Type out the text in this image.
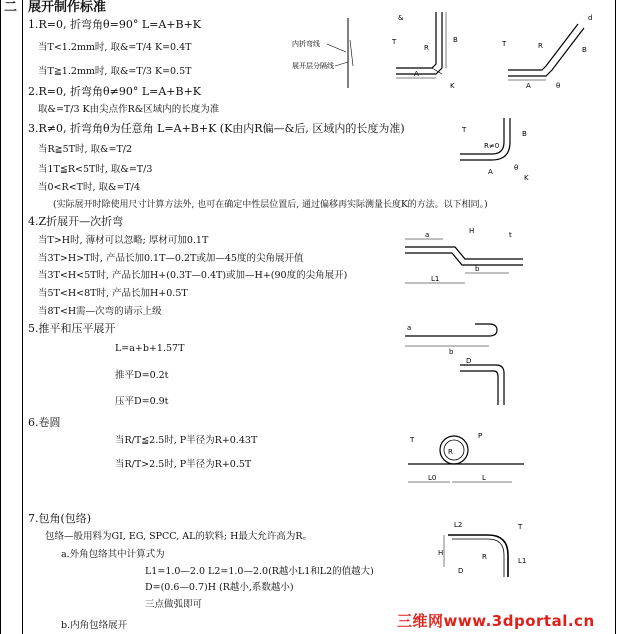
二 展开制作标准
1.R=0, 折弯角θ=90° L=A+B+K
当T<1.2mm时, 取&=T/4 K=0.4T
当T≧1.2mm时, 取&=T/3 K=0.5T
2.R=0, 折弯角θ≠90° L=A+B+K
取&=T/3 K由尖点作R&区域内的长度为准
3.R≠0, 折弯角θ为任意角 L=A+B+K (K由内R偏—&后, 区域内的长度为准)
当R≧5T时, 取&=T/2
当1T≦R<5T时, 取&=T/3
当0<R<T时, 取&=T/4
(实际展开时除使用尺寸计算方法外, 也可在确定中性层位置后, 通过偏移再实际测量长度K的方法。以下相同。)
4.Z折展开—次折弯
当T>H时, 薄材可以忽略; 厚材可加0.1T
当3T>H>T时, 产品长加0.1T—0.2T或加—45度的尖角展开值
当3T<H<5T时, 产品长加H+(0.3T—0.4T)或加—H+(90度的尖角展开)
当5T<H<8T时, 产品长加H+0.5T
当8T<H需—次弯的请示上级
5.推平和压平展开
L=a+b+1.57T
推平D=0.2t
压平D=0.9t
6.卷圆
当R/T≦2.5时, P半径为R+0.43T
当R/T>2.5时, P半径为R+0.5T
7.包角(包络)
包络—般用料为GI, EG, SPCC, AL的软料; H最大允许高为R。
a.外角包络其中计算式为
L1=1.0—2.0 L2=1.0—2.0(R越小L1和L2的值越大)
D=(0.6—0.7)H (R越小,系数越小)
三点做弧即可
b.内角包络展开
内折弯线
展开层分隔线
A
R
B
K
&
T
A
B
R
d
θ
T
R≠0
B
A
K
θ
T
a
b
L1
H	t
b
a
D
P
R
L0	L
T
L2
L1
R
D
H
T
三维网www.3dportal.cn
